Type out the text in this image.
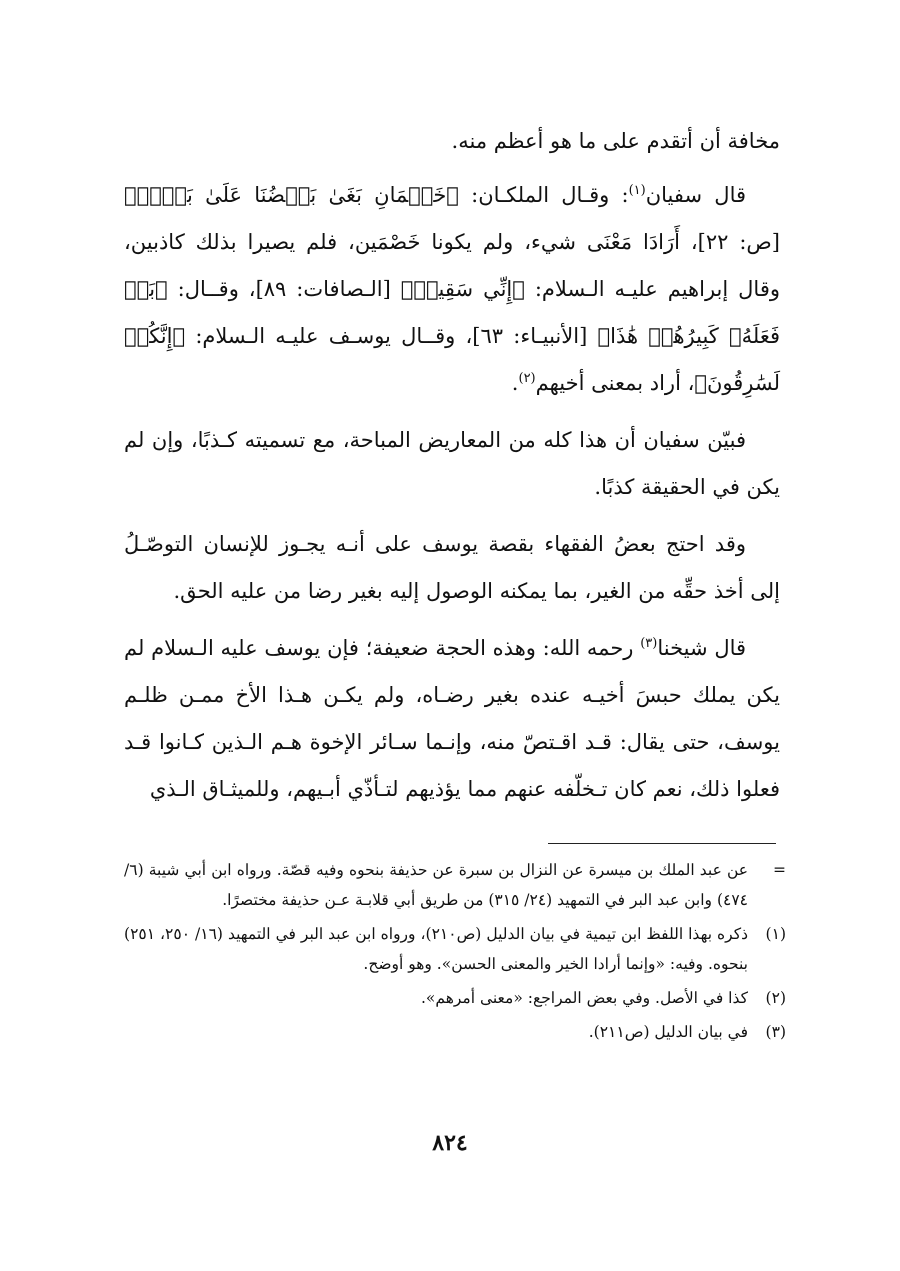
مخافة أن أتقدم على ما هو أعظم منه.

قال سفيان$^{(١)}$: وقـال الملكـان: ﴿خَصۡمَانِ بَغَىٰ بَعۡضُنَا عَلَىٰ بَعۡضٖ﴾ [ص: ٢٢]، أَرَادَا مَعْنَى شيء، ولم يكونا خَصْمَين، فلم يصيرا بذلك كاذبين، وقال إبراهيم عليـه الـسلام: ﴿إِنِّي سَقِيمٞ﴾ [الـصافات: ٨٩]، وقــال: ﴿بَلۡ فَعَلَهُۥ كَبِيرُهُمۡ هَٰذَا﴾ [الأنبيـاء: ٦٣]، وقــال يوسـف عليـه الـسلام: ﴿إِنَّكُمۡ لَسَٰرِقُونَ﴾، أراد بمعنى أخيهم$^{(٢)}$.

فبيّن سفيان أن هذا كله من المعاريض المباحة، مع تسميته كـذبًا، وإن لم يكن في الحقيقة كذبًا.

وقد احتج بعضُ الفقهاء بقصة يوسف على أنـه يجـوز للإنسان التوصّـلُ إلى أخذ حقِّه من الغير، بما يمكنه الوصول إليه بغير رضا من عليه الحق.

قال شيخنا$^{(٣)}$ رحمه الله: وهذه الحجة ضعيفة؛ فإن يوسف عليه الـسلام لم يكن يملك حبسَ أخيـه عنده بغير رضـاه، ولم يكـن هـذا الأخ ممـن ظلـم يوسف، حتى يقال: قـد اقـتصّ منه، وإنـما سـائر الإخوة هـم الـذين كـانوا قـد فعلوا ذلك، نعم كان تـخلّفه عنهم مما يؤذيهم لتـأذّي أبـيهم، وللميثـاق الـذي

=
عن عبد الملك بن ميسرة عن النزال بن سبرة عن حذيفة بنحوه وفيه قصّة. ورواه ابن أبي شيبة (٦/ ٤٧٤) وابن عبد البر في التمهيد (٢٤/ ٣١٥) من طريق أبي قلابـة عـن حذيفة مختصرًا.
(١)
ذكره بهذا اللفظ ابن تيمية في بيان الدليل (ص٢١٠)، ورواه ابن عبد البر في التمهيد (١٦/ ٢٥٠، ٢٥١) بنحوه. وفيه: «وإنما أرادا الخير والمعنى الحسن». وهو أوضح.
(٢)
كذا في الأصل. وفي بعض المراجع: «معنى أمرهم».
(٣)
في بيان الدليل (ص٢١١).
٨٢٤
